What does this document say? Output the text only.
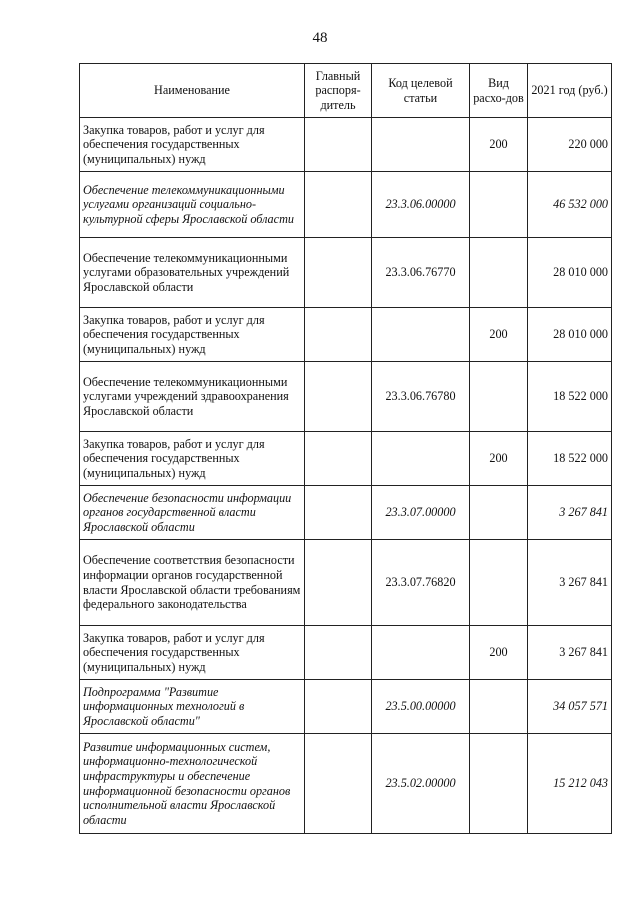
48
Наименование	Главный распоря-дитель	Код целевой статьи	Вид расхо-дов	2021 год (руб.)
Закупка товаров, работ и услуг для обеспечения государственных (муниципальных) нужд			200	220 000
Обеспечение телекоммуникационными услугами организаций социально-культурной сферы Ярославской области		23.3.06.00000		46 532 000
Обеспечение телекоммуникационными услугами образовательных учреждений Ярославской области		23.3.06.76770		28 010 000
Закупка товаров, работ и услуг для обеспечения государственных (муниципальных) нужд			200	28 010 000
Обеспечение телекоммуникационными услугами учреждений здравоохранения Ярославской области		23.3.06.76780		18 522 000
Закупка товаров, работ и услуг для обеспечения государственных (муниципальных) нужд			200	18 522 000
Обеспечение безопасности информации органов государственной власти Ярославской области		23.3.07.00000		3 267 841
Обеспечение соответствия безопасности информации органов государственной власти Ярославской области требованиям федерального законодательства		23.3.07.76820		3 267 841
Закупка товаров, работ и услуг для обеспечения государственных (муниципальных) нужд			200	3 267 841
Подпрограмма "Развитие информационных технологий в Ярославской области"		23.5.00.00000		34 057 571
Развитие информационных систем, информационно-технологической инфраструктуры и обеспечение информационной безопасности органов исполнительной власти Ярославской области		23.5.02.00000		15 212 043
